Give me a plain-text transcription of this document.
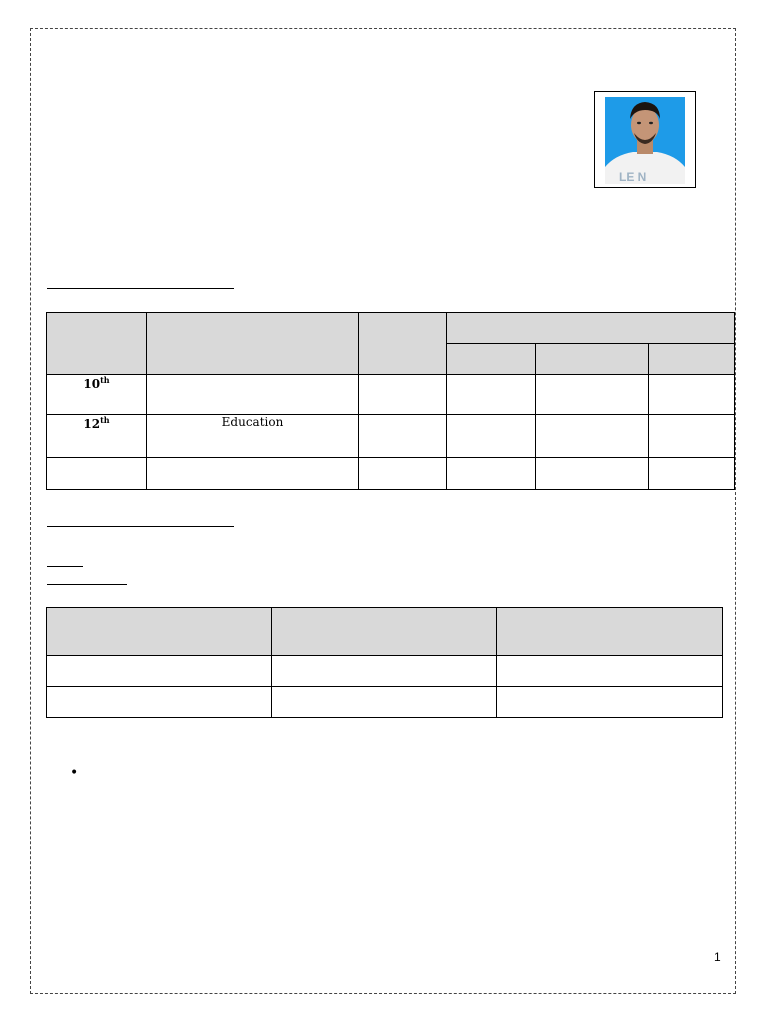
LE N

10th					
12th	Education				

•
1
